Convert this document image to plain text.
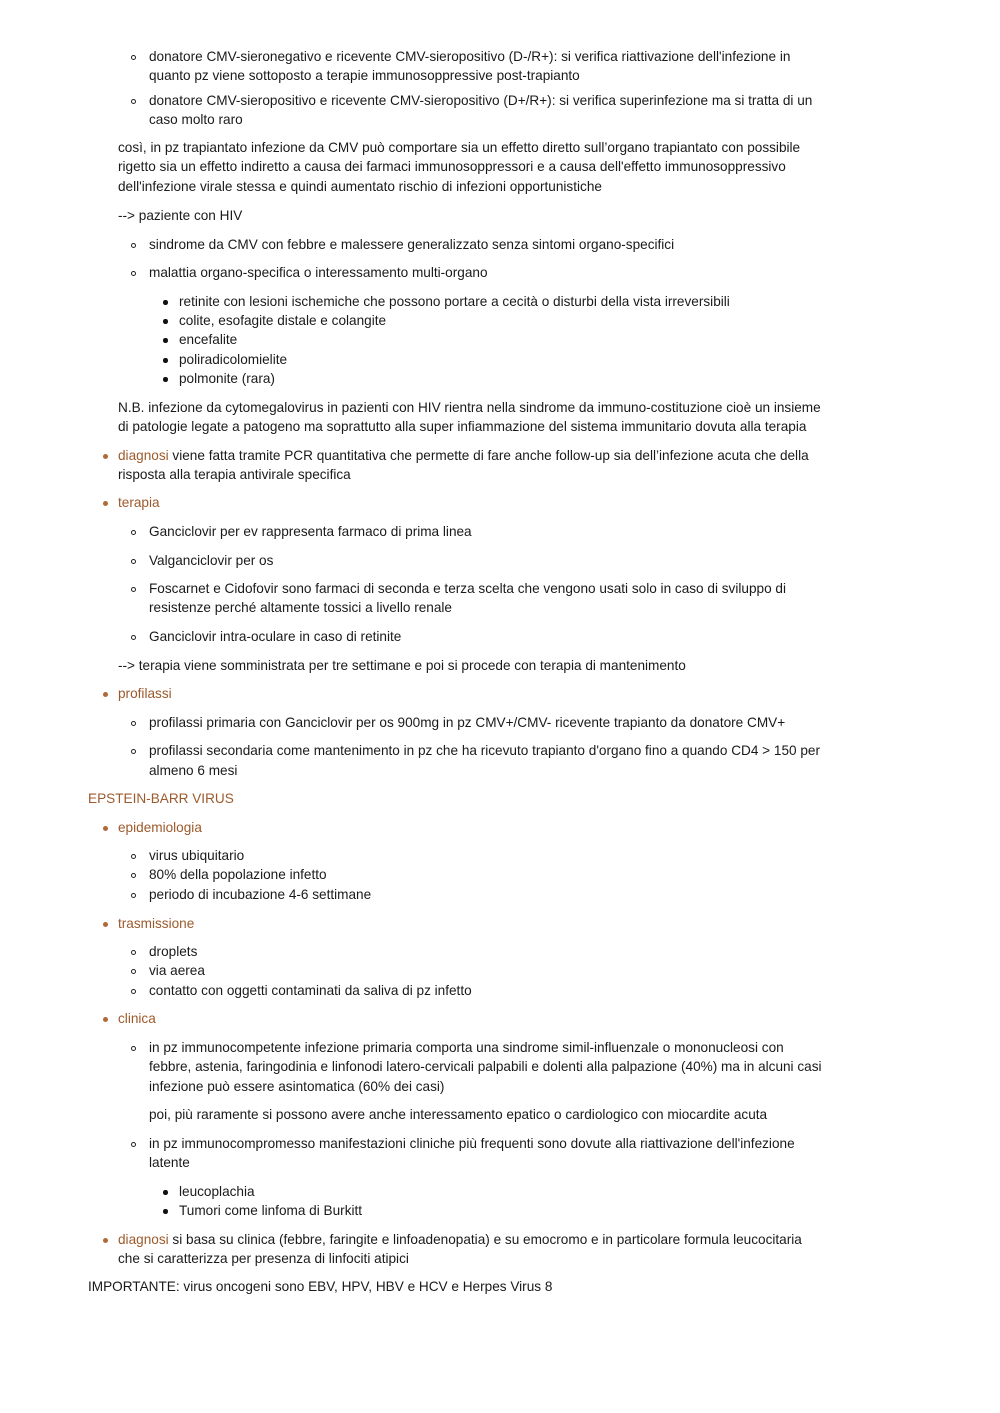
donatore CMV-sieronegativo e ricevente CMV-sieropositivo (D-/R+): si verifica riattivazione dell'infezione in
quanto pz viene sottoposto a terapie immunosoppressive post-trapianto
donatore CMV-sieropositivo e ricevente CMV-sieropositivo (D+/R+): si verifica superinfezione ma si tratta di un
caso molto raro
così, in pz trapiantato infezione da CMV può comportare sia un effetto diretto sull’organo trapiantato con possibile
rigetto sia un effetto indiretto a causa dei farmaci immunosoppressori e a causa dell'effetto immunosoppressivo
dell'infezione virale stessa e quindi aumentato rischio di infezioni opportunistiche
--> paziente con HIV
sindrome da CMV con febbre e malessere generalizzato senza sintomi organo-specifici
malattia organo-specifica o interessamento multi-organo
retinite con lesioni ischemiche che possono portare a cecità o disturbi della vista irreversibili
colite, esofagite distale e colangite
encefalite
poliradicolomielite
polmonite (rara)
N.B. infezione da cytomegalovirus in pazienti con HIV rientra nella sindrome da immuno-costituzione cioè un insieme
di patologie legate a patogeno ma soprattutto alla super infiammazione del sistema immunitario dovuta alla terapia
diagnosi viene fatta tramite PCR quantitativa che permette di fare anche follow-up sia dell’infezione acuta che della
risposta alla terapia antivirale specifica
terapia
Ganciclovir per ev rappresenta farmaco di prima linea
Valganciclovir per os
Foscarnet e Cidofovir sono farmaci di seconda e terza scelta che vengono usati solo in caso di sviluppo di
resistenze perché altamente tossici a livello renale
Ganciclovir intra-oculare in caso di retinite
--> terapia viene somministrata per tre settimane e poi si procede con terapia di mantenimento
profilassi
profilassi primaria con Ganciclovir per os 900mg in pz CMV+/CMV- ricevente trapianto da donatore CMV+
profilassi secondaria come mantenimento in pz che ha ricevuto trapianto d'organo fino a quando CD4 > 150 per
almeno 6 mesi
EPSTEIN-BARR VIRUS
epidemiologia
virus ubiquitario
80% della popolazione infetto
periodo di incubazione 4-6 settimane
trasmissione
droplets
via aerea
contatto con oggetti contaminati da saliva di pz infetto
clinica
in pz immunocompetente infezione primaria comporta una sindrome simil-influenzale o mononucleosi con
febbre, astenia, faringodinia e linfonodi latero-cervicali palpabili e dolenti alla palpazione (40%) ma in alcuni casi
infezione può essere asintomatica (60% dei casi)
poi, più raramente si possono avere anche interessamento epatico o cardiologico con miocardite acuta
in pz immunocompromesso manifestazioni cliniche più frequenti sono dovute alla riattivazione dell'infezione
latente
leucoplachia
Tumori come linfoma di Burkitt
diagnosi si basa su clinica (febbre, faringite e linfoadenopatia) e su emocromo e in particolare formula leucocitaria
che si caratterizza per presenza di linfociti atipici
IMPORTANTE: virus oncogeni sono EBV, HPV, HBV e HCV e Herpes Virus 8
